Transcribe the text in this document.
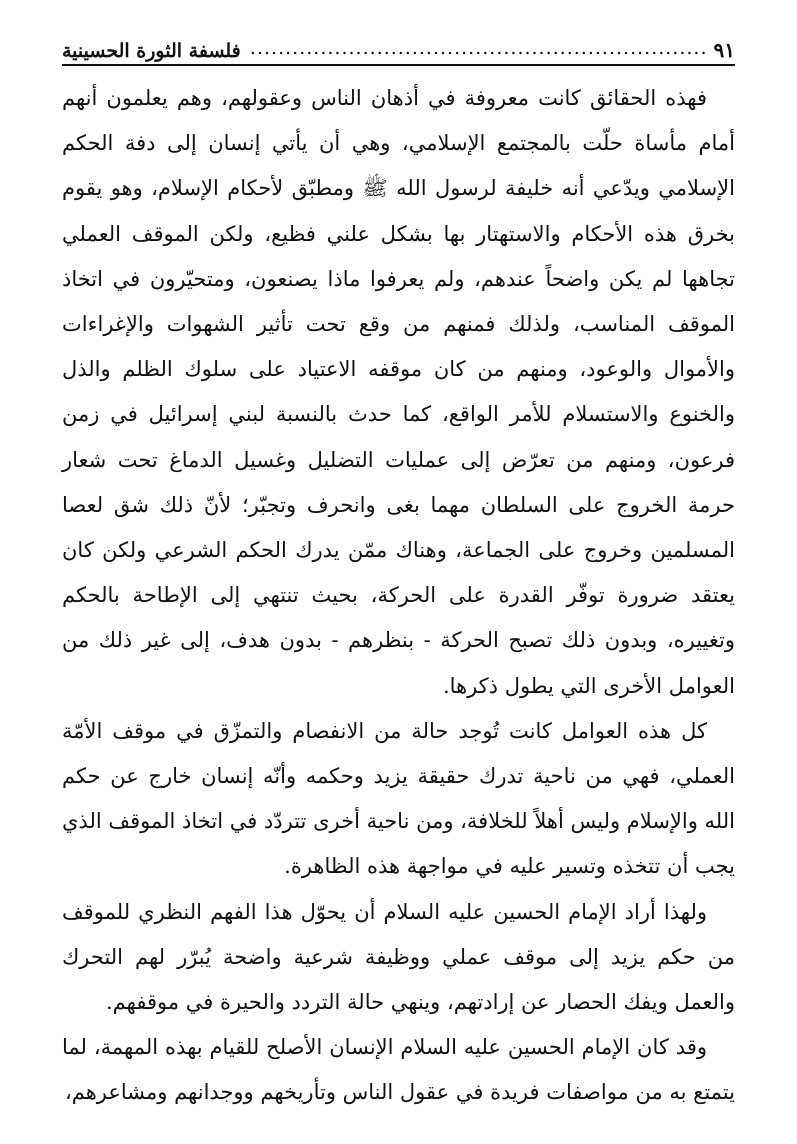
٩١
.....
فلسفة الثورة الحسينية

فهذه الحقائق كانت معروفة في أذهان الناس وعقولهم، وهم يعلمون أنهم أمام مأساة حلّت بالمجتمع الإسلامي، وهي أن يأتي إنسان إلى دفة الحكم الإسلامي ويدّعي أنه خليفة لرسول الله ﷺ ومطبّق لأحكام الإسلام، وهو يقوم بخرق هذه الأحكام والاستهتار بها بشكل علني فظيع، ولكن الموقف العملي تجاهها لم يكن واضحاً عندهم، ولم يعرفوا ماذا يصنعون، ومتحيّرون في اتخاذ الموقف المناسب، ولذلك فمنهم من وقع تحت تأثير الشهوات والإغراءات والأموال والوعود، ومنهم من كان موقفه الاعتياد على سلوك الظلم والذل والخنوع والاستسلام للأمر الواقع، كما حدث بالنسبة لبني إسرائيل في زمن فرعون، ومنهم من تعرّض إلى عمليات التضليل وغسيل الدماغ تحت شعار حرمة الخروج على السلطان مهما بغى وانحرف وتجبّر؛ لأنّ ذلك شق لعصا المسلمين وخروج على الجماعة، وهناك ممّن يدرك الحكم الشرعي ولكن كان يعتقد ضرورة توفّر القدرة على الحركة، بحيث تنتهي إلى الإطاحة بالحكم وتغييره، وبدون ذلك تصبح الحركة - بنظرهم - بدون هدف، إلى غير ذلك من العوامل الأخرى التي يطول ذكرها.

كل هذه العوامل كانت تُوجد حالة من الانفصام والتمزّق في موقف الأمّة العملي، فهي من ناحية تدرك حقيقة يزيد وحكمه وأنّه إنسان خارج عن حكم الله والإسلام وليس أهلاً للخلافة، ومن ناحية أخرى تتردّد في اتخاذ الموقف الذي يجب أن تتخذه وتسير عليه في مواجهة هذه الظاهرة.

ولهذا أراد الإمام الحسين عليه السلام أن يحوّل هذا الفهم النظري للموقف من حكم يزيد إلى موقف عملي ووظيفة شرعية واضحة يُبرّر لهم التحرك والعمل ويفك الحصار عن إرادتهم، وينهي حالة التردد والحيرة في موقفهم.

وقد كان الإمام الحسين عليه السلام الإنسان الأصلح للقيام بهذه المهمة، لما يتمتع به من مواصفات فريدة في عقول الناس وتأريخهم ووجدانهم ومشاعرهم،
